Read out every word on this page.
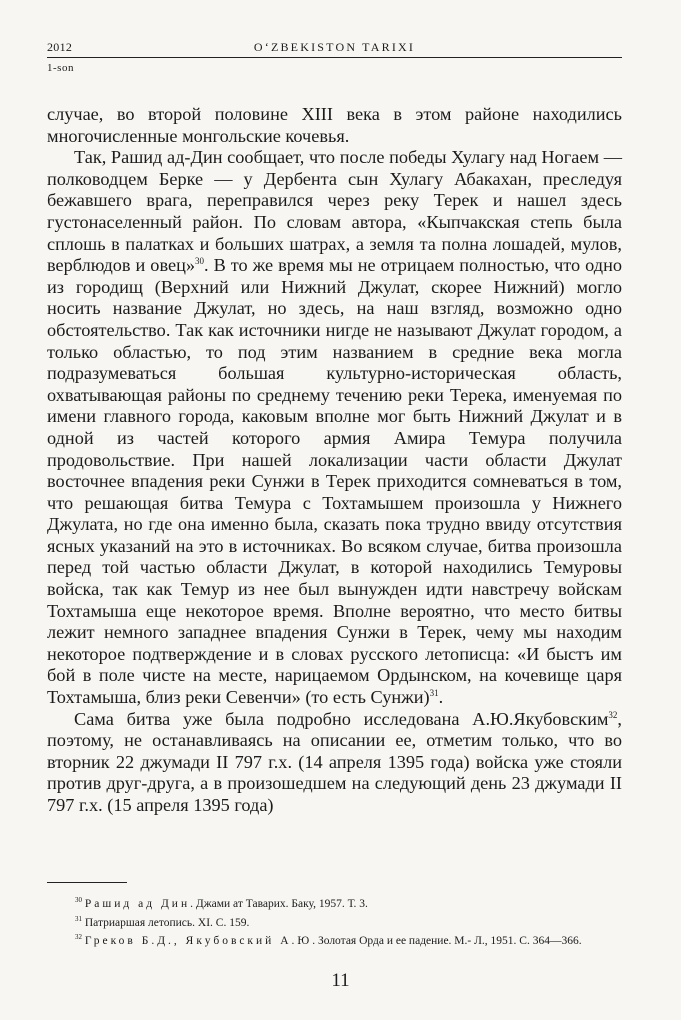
2012	O‘ZBEKISTON TARIXI
1-son

случае, во второй половине XIII века в этом районе находились многочисленные монгольские кочевья.

Так, Рашид ад-Дин сообщает, что после победы Хулагу над Ногаем — полководцем Берке — у Дербента сын Хулагу Абакахан, преследуя бежавшего врага, переправился через реку Терек и нашел здесь густонаселенный район. По словам автора, «Кыпчакская степь была сплошь в палатках и больших шатрах, а земля та полна лошадей, мулов, верблюдов и овец»$^{30}$. В то же время мы не отрицаем полностью, что одно из городищ (Верхний или Нижний Джулат, скорее Нижний) могло носить название Джулат, но здесь, на наш взгляд, возможно одно обстоятельство. Так как источники нигде не называют Джулат городом, а только областью, то под этим названием в средние века могла подразумеваться большая культурно-историческая область, охватывающая районы по среднему течению реки Терека, именуемая по имени главного города, каковым вполне мог быть Нижний Джулат и в одной из частей которого армия Амира Темура получила продовольствие. При нашей локализации части области Джулат восточнее впадения реки Сунжи в Терек приходится сомневаться в том, что решающая битва Темура с Тохтамышем произошла у Нижнего Джулата, но где она именно была, сказать пока трудно ввиду отсутствия ясных указаний на это в источниках. Во всяком случае, битва произошла перед той частью области Джулат, в которой находились Темуровы войска, так как Темур из нее был вынужден идти навстречу войскам Тохтамыша еще некоторое время. Вполне вероятно, что место битвы лежит немного западнее впадения Сунжи в Терек, чему мы находим некоторое подтверждение и в словах русского летописца: «И быстъ им бой в поле чисте на месте, нарицаемом Ордынском, на кочевище царя Тохтамыша, близ реки Севенчи» (то есть Сунжи)$^{31}$.

Сама битва уже была подробно исследована А.Ю.Якубовским$^{32}$, поэтому, не останавливаясь на описании ее, отметим только, что во вторник 22 джумади II 797 г.х. (14 апреля 1395 года) войска уже стояли против друг-друга, а в произошедшем на следующий день 23 джумади II 797 г.х. (15 апреля 1395 года)

$^{30}$ Рашид ад Дин. Джами ат Таварих. Баку, 1957. Т. 3.

$^{31}$ Патриаршая летопись. XI. С. 159.

$^{32}$ Греков Б.Д., Якубовский А.Ю. Золотая Орда и ее падение. М.- Л., 1951. С. 364—366.

11
